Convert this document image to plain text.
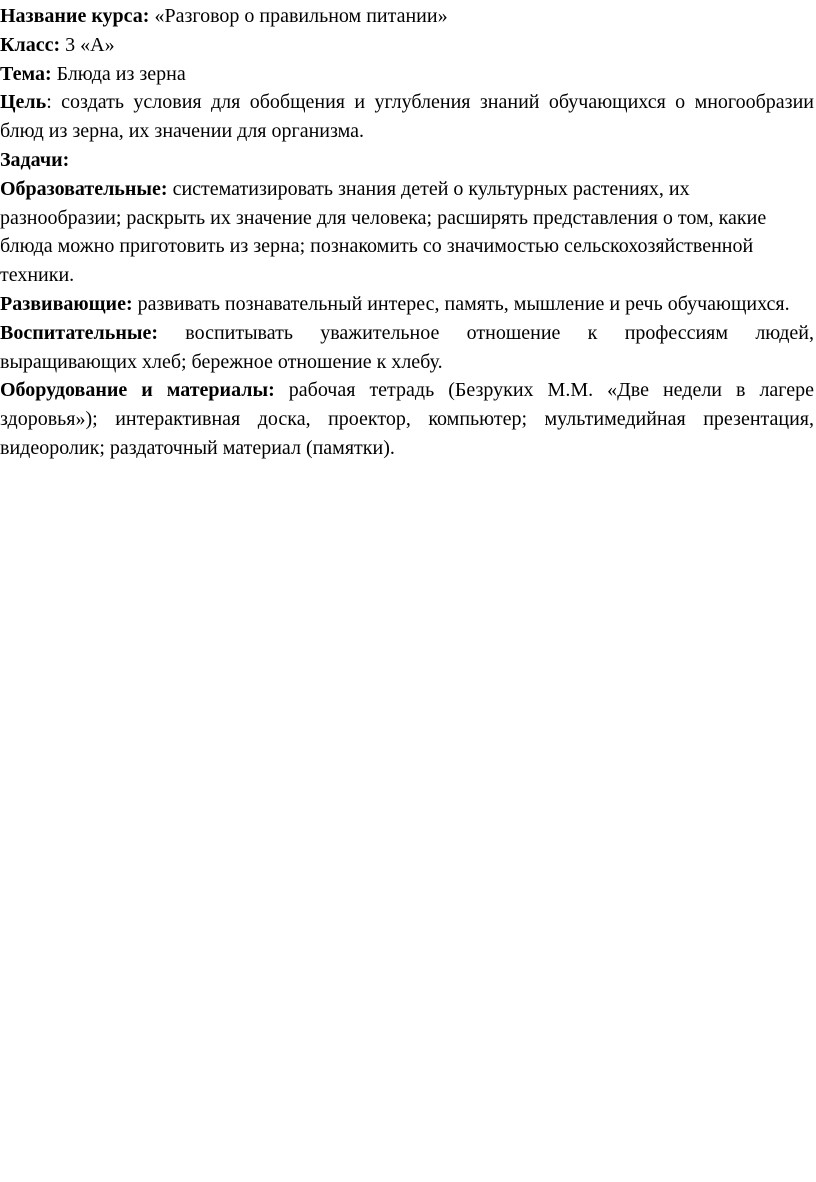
Название курса: «Разговор о правильном питании»

Класс: 3 «А»

Тема: Блюда из зерна

Цель: создать условия для обобщения и углубления знаний обучающихся о многообразии блюд из зерна, их значении для организма.

Задачи:

Образовательные: систематизировать знания детей о культурных растениях, их разнообразии; раскрыть их значение для человека; расширять представления о том, какие блюда можно приготовить из зерна; познакомить со значимостью сельскохозяйственной техники.

Развивающие: развивать познавательный интерес, память, мышление и речь обучающихся.

Воспитательные: воспитывать уважительное отношение к профессиям людей, выращивающих хлеб; бережное отношение к хлебу.

Оборудование и материалы: рабочая тетрадь (Безруких М.М. «Две недели в лагере здоровья»); интерактивная доска, проектор, компьютер; мультимедийная презентация, видеоролик; раздаточный материал (памятки).
